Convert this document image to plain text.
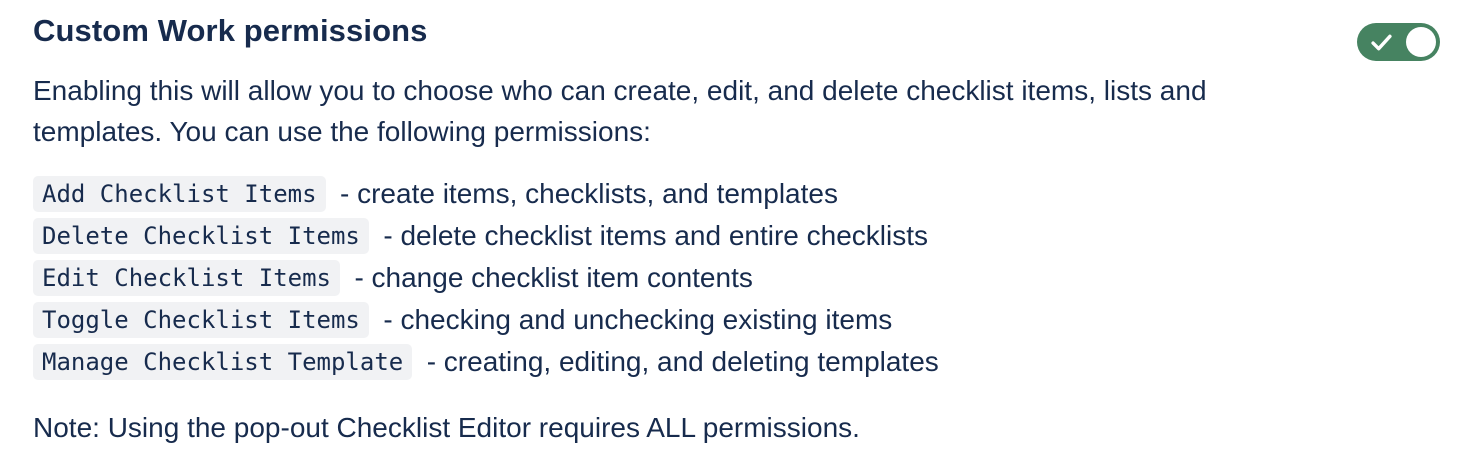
Custom Work permissions

Enabling this will allow you to choose who can create, edit, and delete checklist items, lists and templates. You can use the following permissions:

Add Checklist Items - create items, checklists, and templates
Delete Checklist Items - delete checklist items and entire checklists
Edit Checklist Items - change checklist item contents
Toggle Checklist Items - checking and unchecking existing items
Manage Checklist Template - creating, editing, and deleting templates

Note: Using the pop-out Checklist Editor requires ALL permissions.
